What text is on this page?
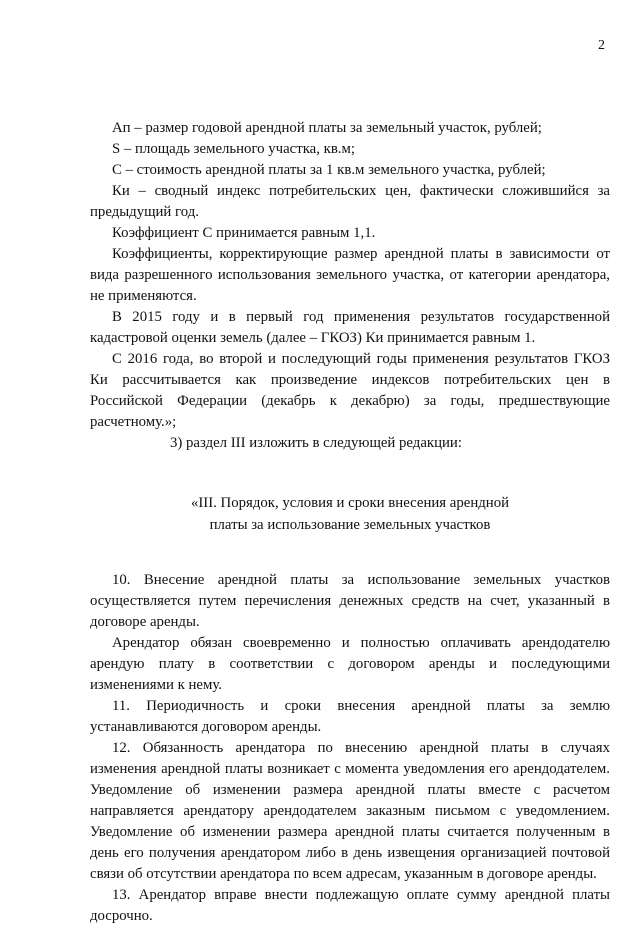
2

Ап – размер годовой арендной платы за земельный участок, рублей;

S – площадь земельного участка, кв.м;

С – стоимость арендной платы за 1 кв.м земельного участка, рублей;

Ки – сводный индекс потребительских цен, фактически сложившийся за предыдущий год.

Коэффициент С принимается равным 1,1.

Коэффициенты, корректирующие размер арендной платы в зависимости от вида разрешенного использования земельного участка, от категории арендатора, не применяются.

В 2015 году и в первый год применения результатов государственной кадастровой оценки земель (далее – ГКОЗ) Ки принимается равным 1.

С 2016 года, во второй и последующий годы применения результатов ГКОЗ Ки рассчитывается как произведение индексов потребительских цен в Российской Федерации (декабрь к декабрю) за годы, предшествующие расчетному.»;

3) раздел III изложить в следующей редакции:

«III. Порядок, условия и сроки внесения арендной
платы за использование земельных участков

10. Внесение арендной платы за использование земельных участков осуществляется путем перечисления денежных средств на счет, указанный в договоре аренды.

Арендатор обязан своевременно и полностью оплачивать арендодателю арендую плату в соответствии с договором аренды и последующими изменениями к нему.

11. Периодичность и сроки внесения арендной платы за землю устанавливаются договором аренды.

12. Обязанность арендатора по внесению арендной платы в случаях изменения арендной платы возникает с момента уведомления его арендодателем. Уведомление об изменении размера арендной платы вместе с расчетом направляется арендатору арендодателем заказным письмом с уведомлением. Уведомление об изменении размера арендной платы считается полученным в день его получения арендатором либо в день извещения организацией почтовой связи об отсутствии арендатора по всем адресам, указанным в договоре аренды.

13. Арендатор вправе внести подлежащую оплате сумму арендной платы досрочно.
